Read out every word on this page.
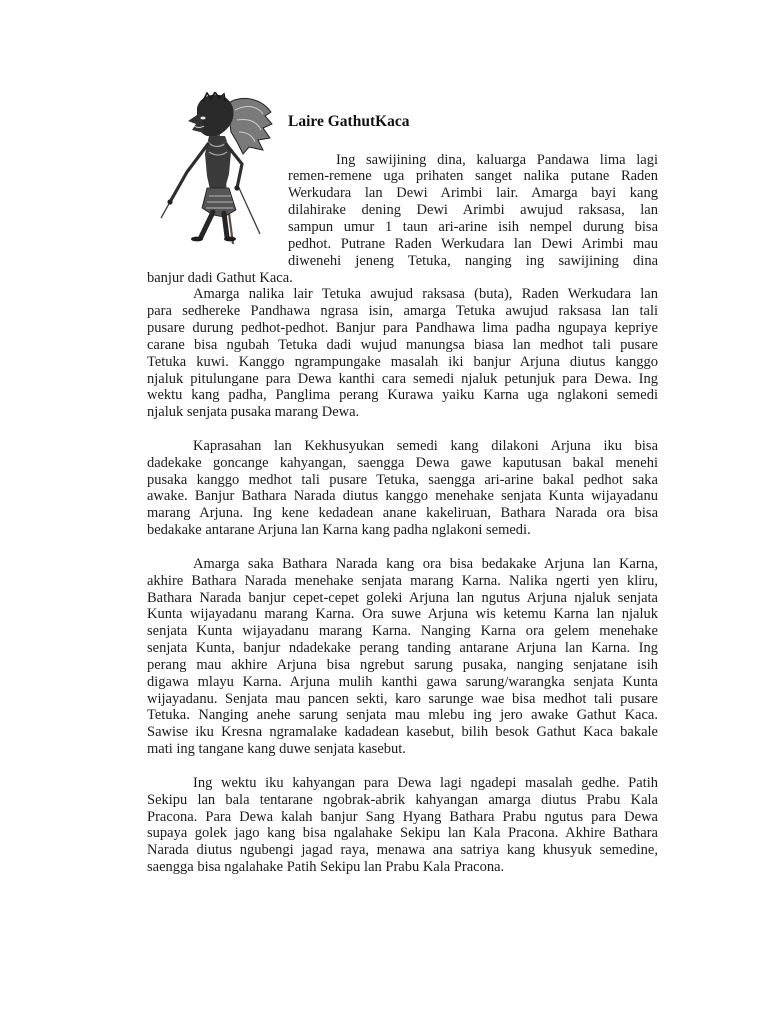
Laire GathutKaca
Ing sawijining dina, kaluarga Pandawa lima lagi
remen-remene uga prihaten sanget nalika putane Raden
Werkudara lan Dewi Arimbi lair. Amarga bayi kang
dilahirake dening Dewi Arimbi awujud raksasa, lan
sampun umur 1 taun ari-arine isih nempel durung bisa
pedhot. Putrane Raden Werkudara lan Dewi Arimbi mau
diwenehi jeneng Tetuka, nanging ing sawijining dina
banjur dadi Gathut Kaca.
Amarga nalika lair Tetuka awujud raksasa (buta), Raden Werkudara lan
para sedhereke Pandhawa ngrasa isin, amarga Tetuka awujud raksasa lan tali
pusare durung pedhot-pedhot. Banjur para Pandhawa lima padha ngupaya kepriye
carane bisa ngubah Tetuka dadi wujud manungsa biasa lan medhot tali pusare
Tetuka kuwi. Kanggo ngrampungake masalah iki banjur Arjuna diutus kanggo
njaluk pitulungane para Dewa kanthi cara semedi njaluk petunjuk para Dewa. Ing
wektu kang padha, Panglima perang Kurawa yaiku Karna uga nglakoni semedi
njaluk senjata pusaka marang Dewa.
Kaprasahan lan Kekhusyukan semedi kang dilakoni Arjuna iku bisa
dadekake goncange kahyangan, saengga Dewa gawe kaputusan bakal menehi
pusaka kanggo medhot tali pusare Tetuka, saengga ari-arine bakal pedhot saka
awake. Banjur Bathara Narada diutus kanggo menehake senjata Kunta wijayadanu
marang Arjuna. Ing kene kedadean anane kakeliruan, Bathara Narada ora bisa
bedakake antarane Arjuna lan Karna kang padha nglakoni semedi.
Amarga saka Bathara Narada kang ora bisa bedakake Arjuna lan Karna,
akhire Bathara Narada menehake senjata marang Karna. Nalika ngerti yen kliru,
Bathara Narada banjur cepet-cepet goleki Arjuna lan ngutus Arjuna njaluk senjata
Kunta wijayadanu marang Karna. Ora suwe Arjuna wis ketemu Karna lan njaluk
senjata Kunta wijayadanu marang Karna. Nanging Karna ora gelem menehake
senjata Kunta, banjur ndadekake perang tanding antarane Arjuna lan Karna. Ing
perang mau akhire Arjuna bisa ngrebut sarung pusaka, nanging senjatane isih
digawa mlayu Karna. Arjuna mulih kanthi gawa sarung/warangka senjata Kunta
wijayadanu. Senjata mau pancen sekti, karo sarunge wae bisa medhot tali pusare
Tetuka. Nanging anehe sarung senjata mau mlebu ing jero awake Gathut Kaca.
Sawise iku Kresna ngramalake kadadean kasebut, bilih besok Gathut Kaca bakale
mati ing tangane kang duwe senjata kasebut.
Ing wektu iku kahyangan para Dewa lagi ngadepi masalah gedhe. Patih
Sekipu lan bala tentarane ngobrak-abrik kahyangan amarga diutus Prabu Kala
Pracona. Para Dewa kalah banjur Sang Hyang Bathara Prabu ngutus para Dewa
supaya golek jago kang bisa ngalahake Sekipu lan Kala Pracona. Akhire Bathara
Narada diutus ngubengi jagad raya, menawa ana satriya kang khusyuk semedine,
saengga bisa ngalahake Patih Sekipu lan Prabu Kala Pracona.
